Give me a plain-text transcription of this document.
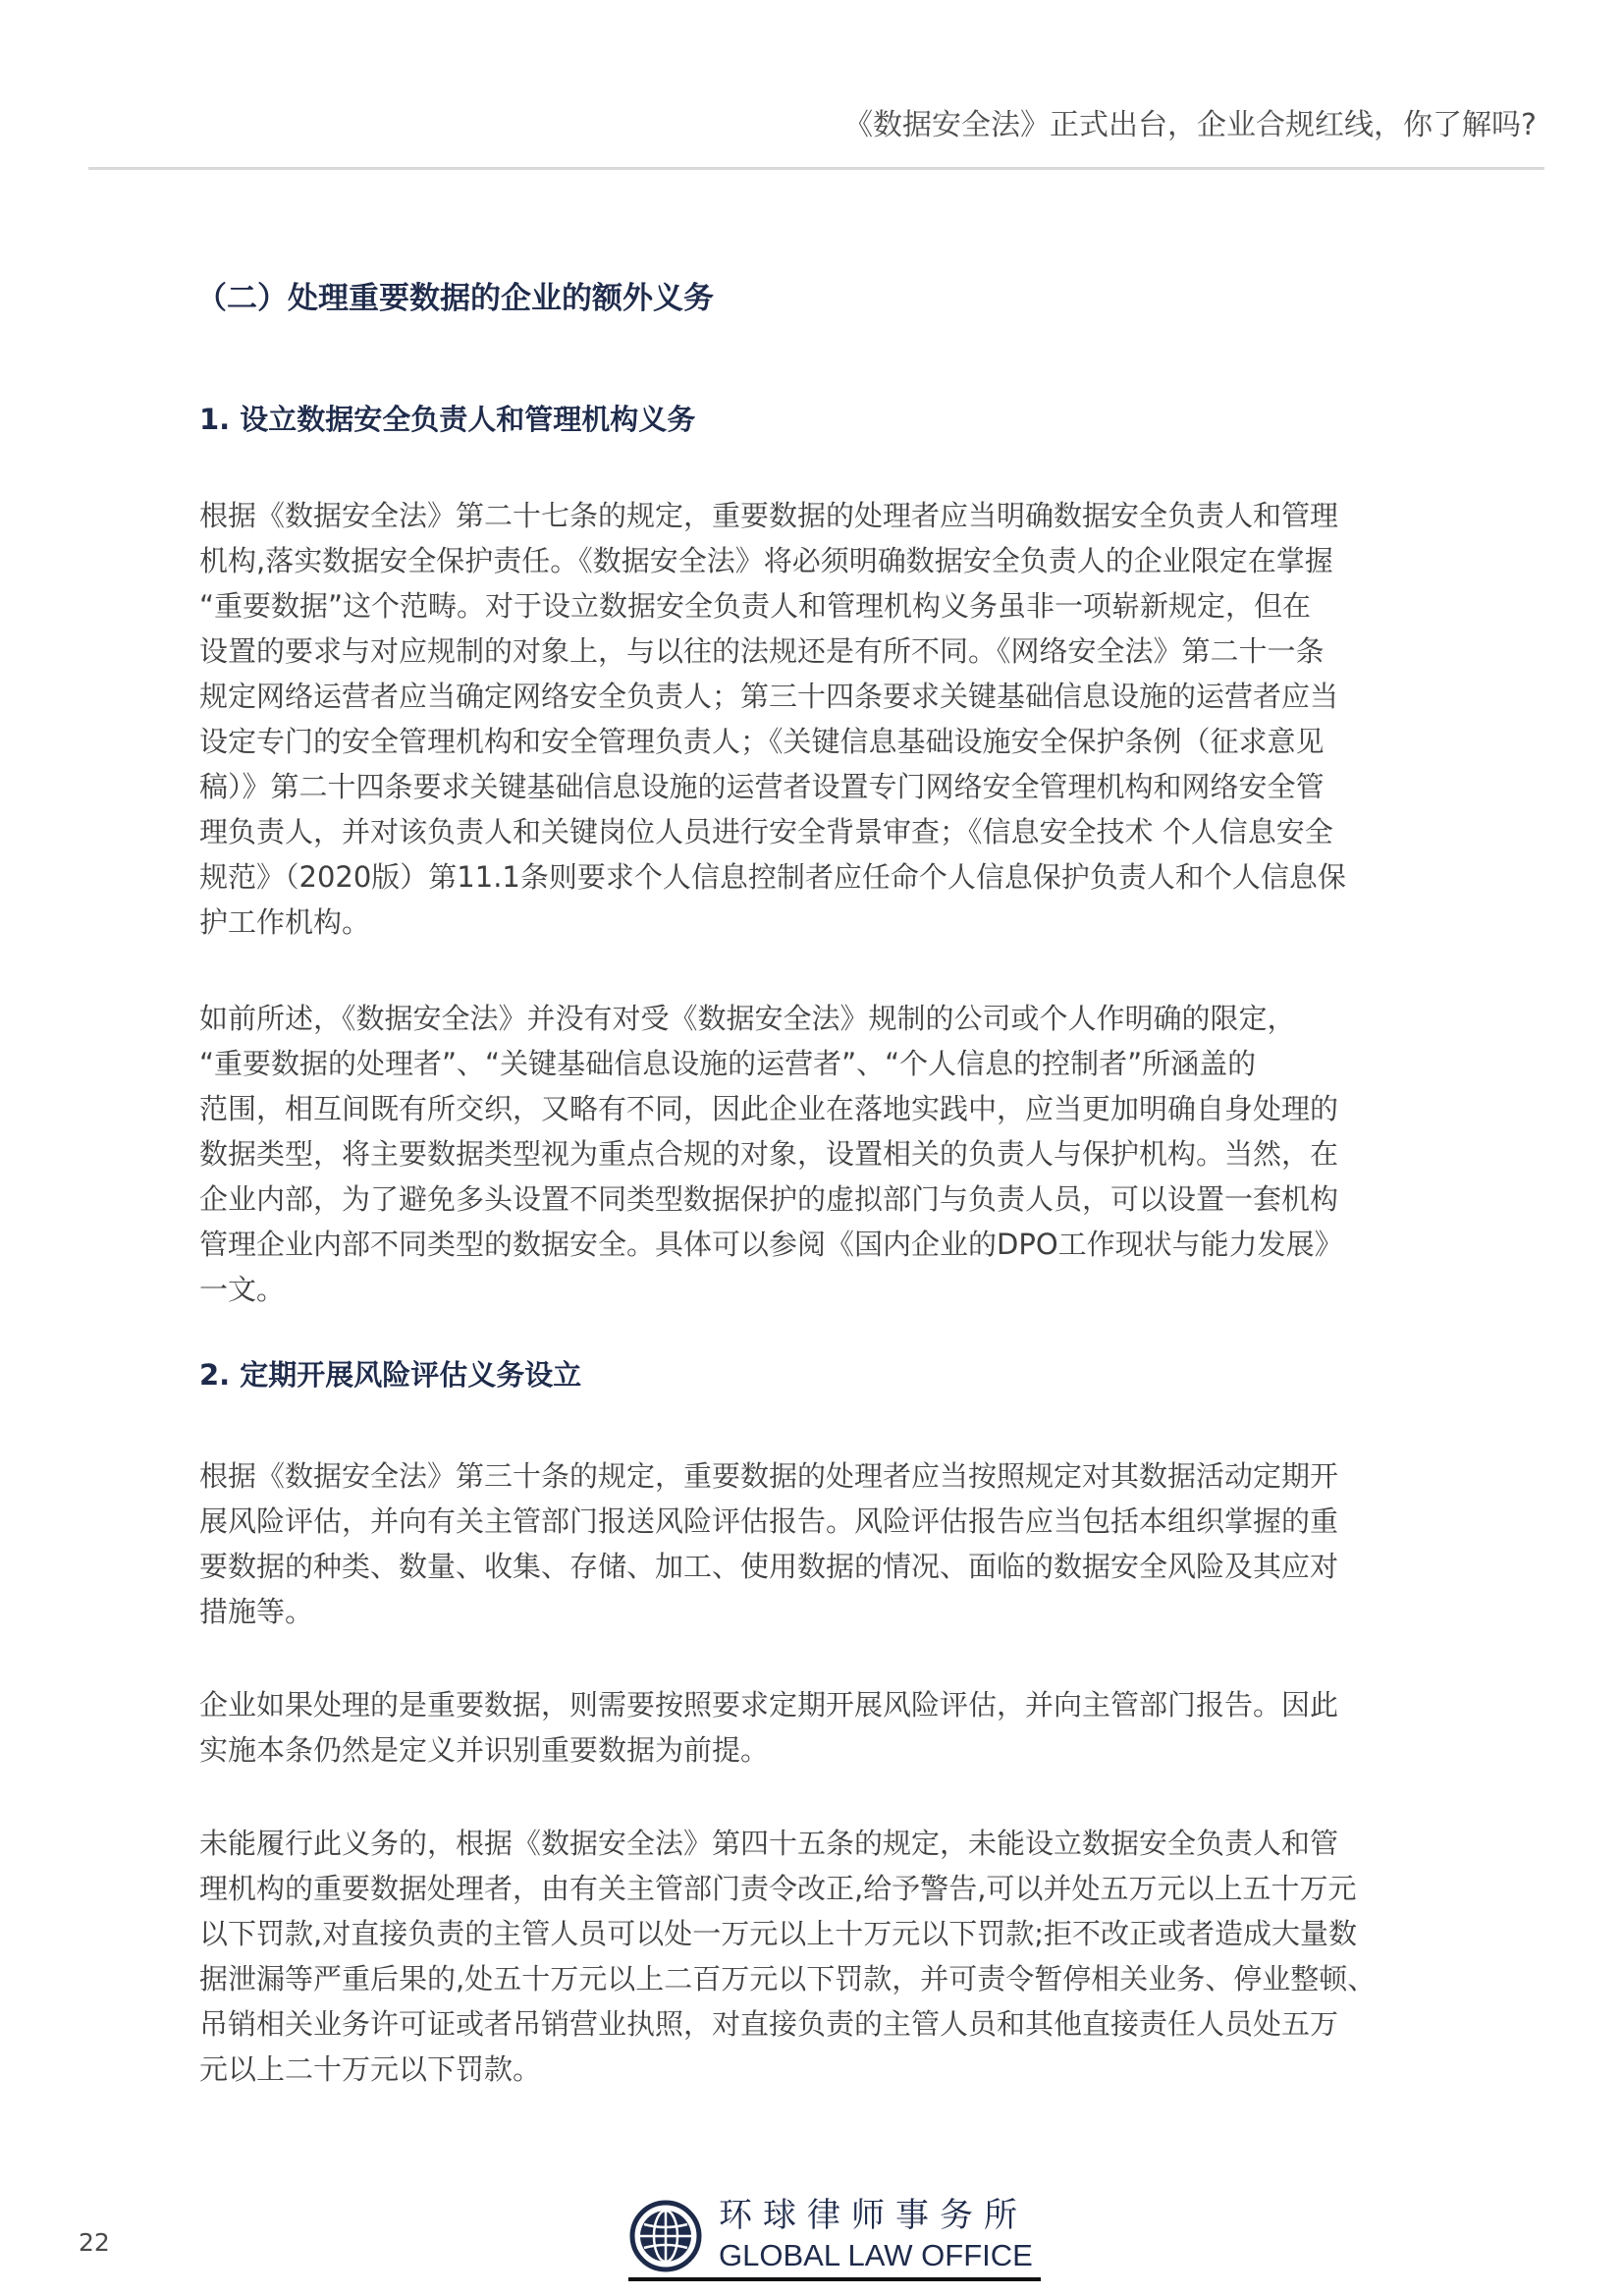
《数据安全法》正式出台，企业合规红线，你了解吗?
（二）处理重要数据的企业的额外义务
1. 设立数据安全负责人和管理机构义务
根据《数据安全法》第二十七条的规定，重要数据的处理者应当明确数据安全负责人和管理
机构,落实数据安全保护责任。《数据安全法》将必须明确数据安全负责人的企业限定在掌握
“重要数据”这个范畴。对于设立数据安全负责人和管理机构义务虽非一项崭新规定，但在
设置的要求与对应规制的对象上，与以往的法规还是有所不同。《网络安全法》第二十一条
规定网络运营者应当确定网络安全负责人；第三十四条要求关键基础信息设施的运营者应当
设定专门的安全管理机构和安全管理负责人；《关键信息基础设施安全保护条例（征求意见
稿）》第二十四条要求关键基础信息设施的运营者设置专门网络安全管理机构和网络安全管
理负责人，并对该负责人和关键岗位人员进行安全背景审查；《信息安全技术 个人信息安全
规范》（2020版）第11.1条则要求个人信息控制者应任命个人信息保护负责人和个人信息保
护工作机构。
如前所述，《数据安全法》并没有对受《数据安全法》规制的公司或个人作明确的限定，
“重要数据的处理者”、“关键基础信息设施的运营者”、“个人信息的控制者”所涵盖的
范围，相互间既有所交织，又略有不同，因此企业在落地实践中，应当更加明确自身处理的
数据类型，将主要数据类型视为重点合规的对象，设置相关的负责人与保护机构。当然，在
企业内部，为了避免多头设置不同类型数据保护的虚拟部门与负责人员，可以设置一套机构
管理企业内部不同类型的数据安全。具体可以参阅《国内企业的DPO工作现状与能力发展》
一文。
2. 定期开展风险评估义务设立
根据《数据安全法》第三十条的规定，重要数据的处理者应当按照规定对其数据活动定期开
展风险评估，并向有关主管部门报送风险评估报告。风险评估报告应当包括本组织掌握的重
要数据的种类、数量、收集、存储、加工、使用数据的情况、面临的数据安全风险及其应对
措施等。
企业如果处理的是重要数据，则需要按照要求定期开展风险评估，并向主管部门报告。因此
实施本条仍然是定义并识别重要数据为前提。
未能履行此义务的，根据《数据安全法》第四十五条的规定，未能设立数据安全负责人和管
理机构的重要数据处理者，由有关主管部门责令改正,给予警告,可以并处五万元以上五十万元
以下罚款,对直接负责的主管人员可以处一万元以上十万元以下罚款;拒不改正或者造成大量数
据泄漏等严重后果的,处五十万元以上二百万元以下罚款，并可责令暂停相关业务、停业整顿、
吊销相关业务许可证或者吊销营业执照，对直接负责的主管人员和其他直接责任人员处五万
元以上二十万元以下罚款。
22
环球律师事务所
GLOBAL LAW OFFICE
